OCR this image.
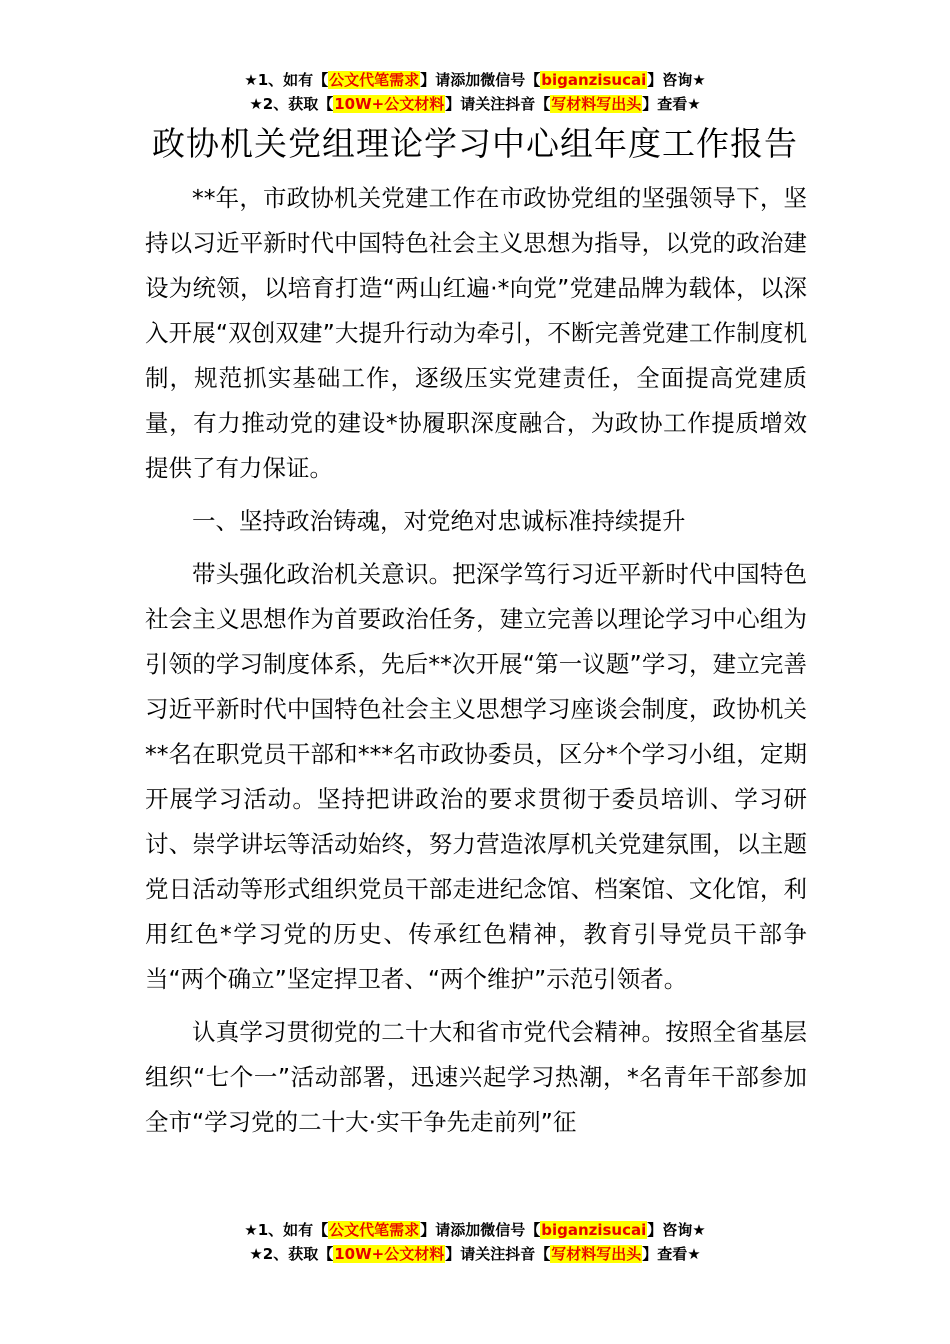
★1、如有【公文代笔需求】请添加微信号【biganzisucai】咨询★
★2、获取【10W+公文材料】请关注抖音【写材料写出头】查看★
政协机关党组理论学习中心组年度工作报告

**年，市政协机关党建工作在市政协党组的坚强领导下，坚持以习近平新时代中国特色社会主义思想为指导，以党的政治建设为统领，以培育打造“两山红遍·*向党”党建品牌为载体，以深入开展“双创双建”大提升行动为牵引，不断完善党建工作制度机制，规范抓实基础工作，逐级压实党建责任，全面提高党建质量，有力推动党的建设*协履职深度融合，为政协工作提质增效提供了有力保证。

一、坚持政治铸魂，对党绝对忠诚标准持续提升

带头强化政治机关意识。把深学笃行习近平新时代中国特色社会主义思想作为首要政治任务，建立完善以理论学习中心组为引领的学习制度体系，先后**次开展“第一议题”学习，建立完善习近平新时代中国特色社会主义思想学习座谈会制度，政协机关**名在职党员干部和***名市政协委员，区分*个学习小组，定期开展学习活动。坚持把讲政治的要求贯彻于委员培训、学习研讨、崇学讲坛等活动始终，努力营造浓厚机关党建氛围，以主题党日活动等形式组织党员干部走进纪念馆、档案馆、文化馆，利用红色*学习党的历史、传承红色精神，教育引导党员干部争当“两个确立”坚定捍卫者、“两个维护”示范引领者。

认真学习贯彻党的二十大和省市党代会精神。按照全省基层组织“七个一”活动部署，迅速兴起学习热潮，*名青年干部参加全市“学习党的二十大·实干争先走前列”征

★1、如有【公文代笔需求】请添加微信号【biganzisucai】咨询★
★2、获取【10W+公文材料】请关注抖音【写材料写出头】查看★
